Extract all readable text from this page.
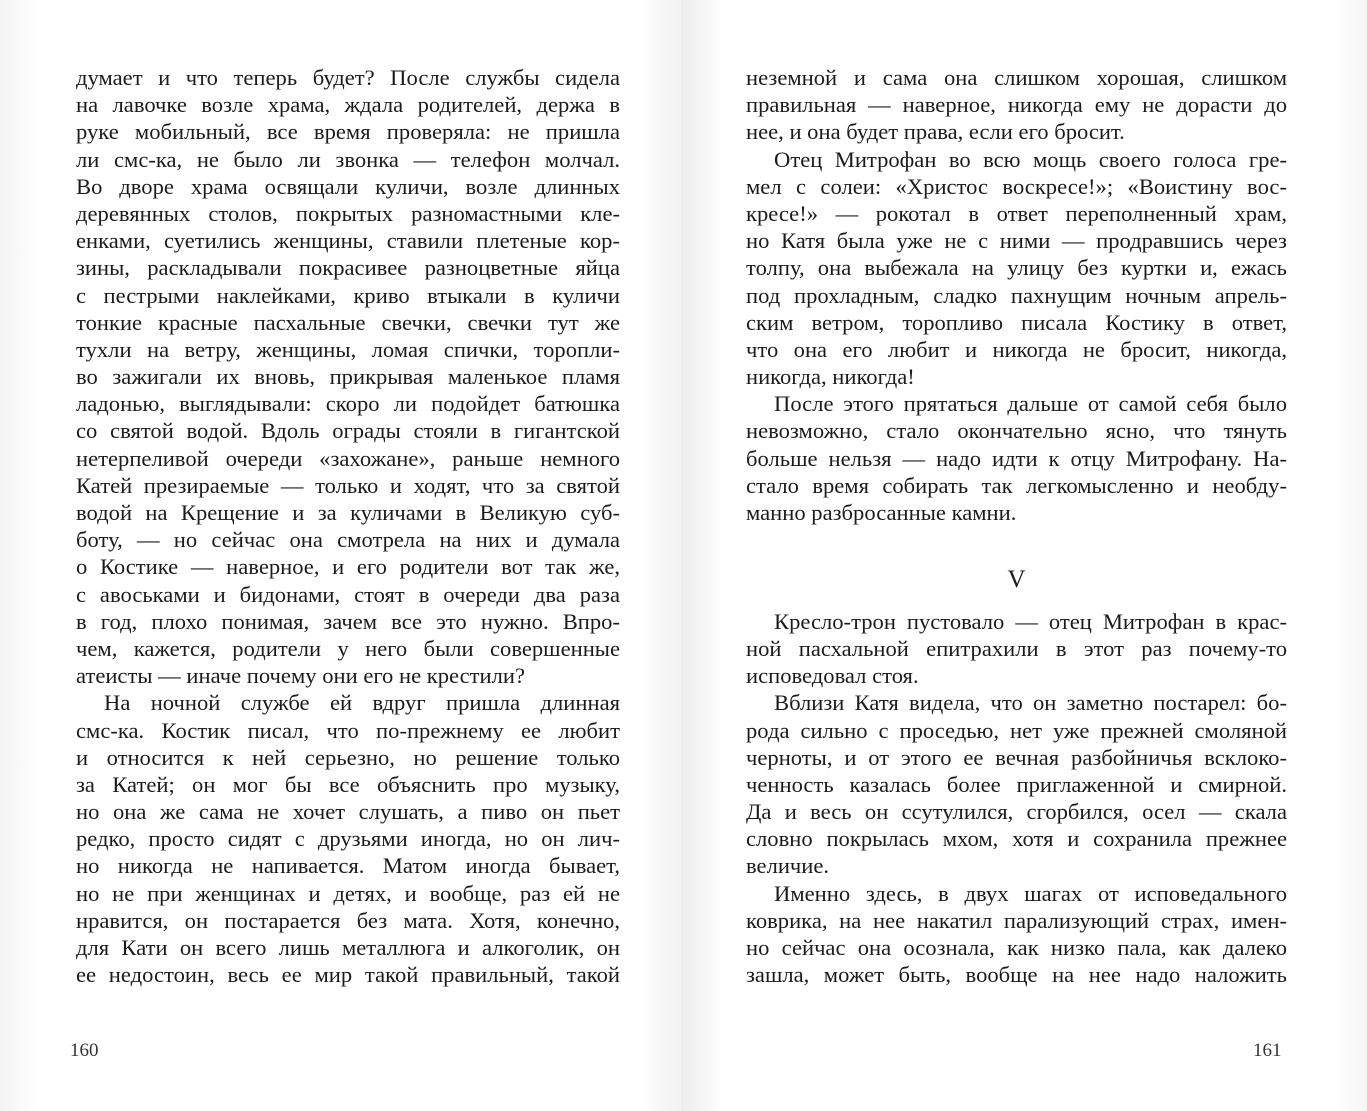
думает и что теперь будет? После службы сидела
на лавочке возле храма, ждала родителей, держа в
руке мобильный, все время проверяла: не пришла
ли смс-ка, не было ли звонка — телефон молчал.
Во дворе храма освящали куличи, возле длинных
деревянных столов, покрытых разномастными кле-
енками, суетились женщины, ставили плетеные кор-
зины, раскладывали покрасивее разноцветные яйца
с пестрыми наклейками, криво втыкали в куличи
тонкие красные пасхальные свечки, свечки тут же
тухли на ветру, женщины, ломая спички, торопли-
во зажигали их вновь, прикрывая маленькое пламя
ладонью, выглядывали: скоро ли подойдет батюшка
со святой водой. Вдоль ограды стояли в гигантской
нетерпеливой очереди «захожане», раньше немного
Катей презираемые — только и ходят, что за святой
водой на Крещение и за куличами в Великую суб-
боту, — но сейчас она смотрела на них и думала
о Костике — наверное, и его родители вот так же,
с авоськами и бидонами, стоят в очереди два раза
в год, плохо понимая, зачем все это нужно. Впро-
чем, кажется, родители у него были совершенные
атеисты — иначе почему они его не крестили?
На ночной службе ей вдруг пришла длинная
смс-ка. Костик писал, что по-прежнему ее любит
и относится к ней серьезно, но решение только
за Катей; он мог бы все объяснить про музыку,
но она же сама не хочет слушать, а пиво он пьет
редко, просто сидят с друзьями иногда, но он лич-
но никогда не напивается. Матом иногда бывает,
но не при женщинах и детях, и вообще, раз ей не
нравится, он постарается без мата. Хотя, конечно,
для Кати он всего лишь металлюга и алкоголик, он
ее недостоин, весь ее мир такой правильный, такой
160
неземной и сама она слишком хорошая, слишком
правильная — наверное, никогда ему не дорасти до
нее, и она будет права, если его бросит.
Отец Митрофан во всю мощь своего голоса гре-
мел с солеи: «Христос воскресе!»; «Воистину вос-
кресе!» — рокотал в ответ переполненный храм,
но Катя была уже не с ними — продравшись через
толпу, она выбежала на улицу без куртки и, ежась
под прохладным, сладко пахнущим ночным апрель-
ским ветром, торопливо писала Костику в ответ,
что она его любит и никогда не бросит, никогда,
никогда, никогда!
После этого прятаться дальше от самой себя было
невозможно, стало окончательно ясно, что тянуть
больше нельзя — надо идти к отцу Митрофану. На-
стало время собирать так легкомысленно и необду-
манно разбросанные камни.
V
Кресло-трон пустовало — отец Митрофан в крас-
ной пасхальной епитрахили в этот раз почему-то
исповедовал стоя.
Вблизи Катя видела, что он заметно постарел: бо-
рода сильно с проседью, нет уже прежней смоляной
черноты, и от этого ее вечная разбойничья всклоко-
ченность казалась более приглаженной и смирной.
Да и весь он ссутулился, сгорбился, осел — скала
словно покрылась мхом, хотя и сохранила прежнее
величие.
Именно здесь, в двух шагах от исповедального
коврика, на нее накатил парализующий страх, имен-
но сейчас она осознала, как низко пала, как далеко
зашла, может быть, вообще на нее надо наложить
161
